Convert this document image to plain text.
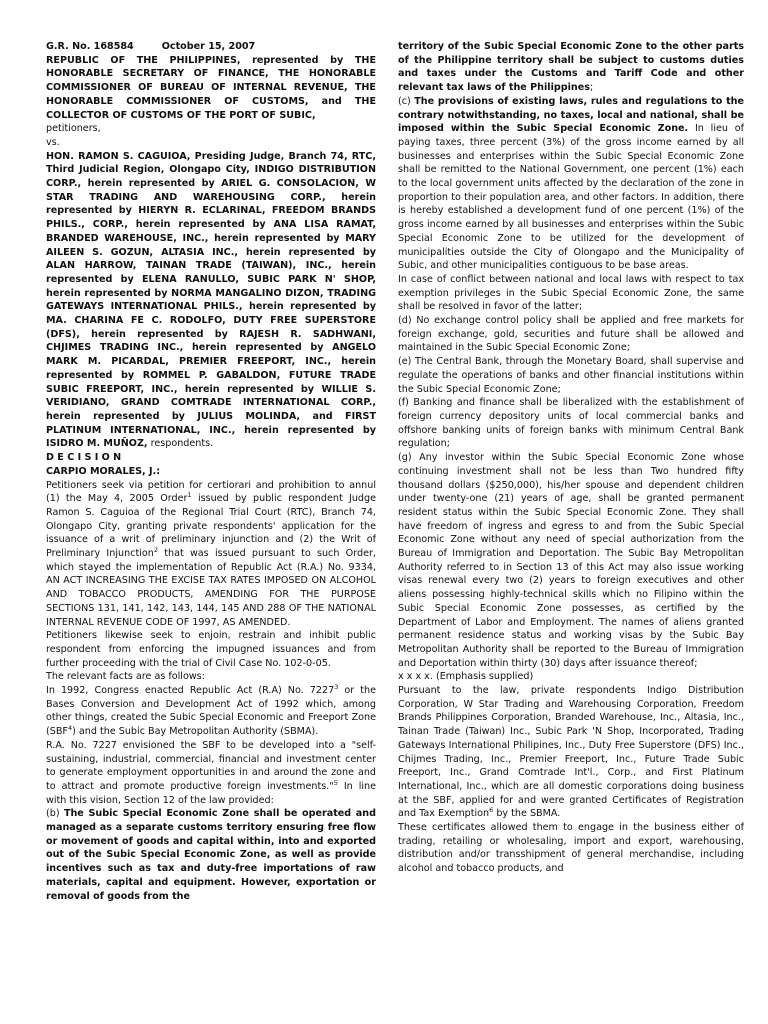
G.R. No. 168584	October 15, 2007

REPUBLIC OF THE PHILIPPINES, represented by THE HONORABLE SECRETARY OF FINANCE, THE HONORABLE COMMISSIONER OF BUREAU OF INTERNAL REVENUE, THE HONORABLE COMMISSIONER OF CUSTOMS, and THE COLLECTOR OF CUSTOMS OF THE PORT OF SUBIC,
petitioners,

vs.

HON. RAMON S. CAGUIOA, Presiding Judge, Branch 74, RTC, Third Judicial Region, Olongapo City, INDIGO DISTRIBUTION CORP., herein represented by ARIEL G. CONSOLACION, W STAR TRADING AND WAREHOUSING CORP., herein represented by HIERYN R. ECLARINAL, FREEDOM BRANDS PHILS., CORP., herein represented by ANA LISA RAMAT, BRANDED WAREHOUSE, INC., herein represented by MARY AILEEN S. GOZUN, ALTASIA INC., herein represented by ALAN HARROW, TAINAN TRADE (TAIWAN), INC., herein represented by ELENA RANULLO, SUBIC PARK N' SHOP, herein represented by NORMA MANGALINO DIZON, TRADING GATEWAYS INTERNATIONAL PHILS., herein represented by MA. CHARINA FE C. RODOLFO, DUTY FREE SUPERSTORE (DFS), herein represented by RAJESH R. SADHWANI, CHJIMES TRADING INC., herein represented by ANGELO MARK M. PICARDAL, PREMIER FREEPORT, INC., herein represented by ROMMEL P. GABALDON, FUTURE TRADE SUBIC FREEPORT, INC., herein represented by WILLIE S. VERIDIANO, GRAND COMTRADE INTERNATIONAL CORP., herein represented by JULIUS MOLINDA, and FIRST PLATINUM INTERNATIONAL, INC., herein represented by ISIDRO M. MUÑOZ, respondents.

D E C I S I O N

CARPIO MORALES, J.:

Petitioners seek via petition for certiorari and prohibition to annul (1) the May 4, 2005 Order$^1$ issued by public respondent Judge Ramon S. Caguioa of the Regional Trial Court (RTC), Branch 74, Olongapo City, granting private respondents' application for the issuance of a writ of preliminary injunction and (2) the Writ of Preliminary Injunction$^2$ that was issued pursuant to such Order, which stayed the implementation of Republic Act (R.A.) No. 9334, AN ACT INCREASING THE EXCISE TAX RATES IMPOSED ON ALCOHOL AND TOBACCO PRODUCTS, AMENDING FOR THE PURPOSE SECTIONS 131, 141, 142, 143, 144, 145 AND 288 OF THE NATIONAL INTERNAL REVENUE CODE OF 1997, AS AMENDED.

Petitioners likewise seek to enjoin, restrain and inhibit public respondent from enforcing the impugned issuances and from further proceeding with the trial of Civil Case No. 102-0-05.

The relevant facts are as follows:

In 1992, Congress enacted Republic Act (R.A) No. 7227$^3$ or the Bases Conversion and Development Act of 1992 which, among other things, created the Subic Special Economic and Freeport Zone (SBF$^4$) and the Subic Bay Metropolitan Authority (SBMA).

R.A. No. 7227 envisioned the SBF to be developed into a "self-sustaining, industrial, commercial, financial and investment center to generate employment opportunities in and around the zone and to attract and promote productive foreign investments."$^5$ In line with this vision, Section 12 of the law provided:

(b) The Subic Special Economic Zone shall be operated and managed as a separate customs territory ensuring free flow or movement of goods and capital within, into and exported out of the Subic Special Economic Zone, as well as provide incentives such as tax and duty-free importations of raw materials, capital and equipment. However, exportation or removal of goods from the

territory of the Subic Special Economic Zone to the other parts of the Philippine territory shall be subject to customs duties and taxes under the Customs and Tariff Code and other relevant tax laws of the Philippines;

(c) The provisions of existing laws, rules and regulations to the contrary notwithstanding, no taxes, local and national, shall be imposed within the Subic Special Economic Zone. In lieu of paying taxes, three percent (3%) of the gross income earned by all businesses and enterprises within the Subic Special Economic Zone shall be remitted to the National Government, one percent (1%) each to the local government units affected by the declaration of the zone in proportion to their population area, and other factors. In addition, there is hereby established a development fund of one percent (1%) of the gross income earned by all businesses and enterprises within the Subic Special Economic Zone to be utilized for the development of municipalities outside the City of Olongapo and the Municipality of Subic, and other municipalities contiguous to be base areas.

In case of conflict between national and local laws with respect to tax exemption privileges in the Subic Special Economic Zone, the same shall be resolved in favor of the latter;

(d) No exchange control policy shall be applied and free markets for foreign exchange, gold, securities and future shall be allowed and maintained in the Subic Special Economic Zone;

(e) The Central Bank, through the Monetary Board, shall supervise and regulate the operations of banks and other financial institutions within the Subic Special Economic Zone;

(f) Banking and finance shall be liberalized with the establishment of foreign currency depository units of local commercial banks and offshore banking units of foreign banks with minimum Central Bank regulation;

(g) Any investor within the Subic Special Economic Zone whose continuing investment shall not be less than Two hundred fifty thousand dollars ($250,000), his/her spouse and dependent children under twenty-one (21) years of age, shall be granted permanent resident status within the Subic Special Economic Zone. They shall have freedom of ingress and egress to and from the Subic Special Economic Zone without any need of special authorization from the Bureau of Immigration and Deportation. The Subic Bay Metropolitan Authority referred to in Section 13 of this Act may also issue working visas renewal every two (2) years to foreign executives and other aliens possessing highly-technical skills which no Filipino within the Subic Special Economic Zone possesses, as certified by the Department of Labor and Employment. The names of aliens granted permanent residence status and working visas by the Subic Bay Metropolitan Authority shall be reported to the Bureau of Immigration and Deportation within thirty (30) days after issuance thereof;

x x x x. (Emphasis supplied)

Pursuant to the law, private respondents Indigo Distribution Corporation, W Star Trading and Warehousing Corporation, Freedom Brands Philippines Corporation, Branded Warehouse, Inc., Altasia, Inc., Tainan Trade (Taiwan) Inc., Subic Park 'N Shop, Incorporated, Trading Gateways International Philipines, Inc., Duty Free Superstore (DFS) Inc., Chijmes Trading, Inc., Premier Freeport, Inc., Future Trade Subic Freeport, Inc., Grand Comtrade Int'l., Corp., and First Platinum International, Inc., which are all domestic corporations doing business at the SBF, applied for and were granted Certificates of Registration and Tax Exemption$^6$ by the SBMA.

These certificates allowed them to engage in the business either of trading, retailing or wholesaling, import and export, warehousing, distribution and/or transshipment of general merchandise, including alcohol and tobacco products, and
